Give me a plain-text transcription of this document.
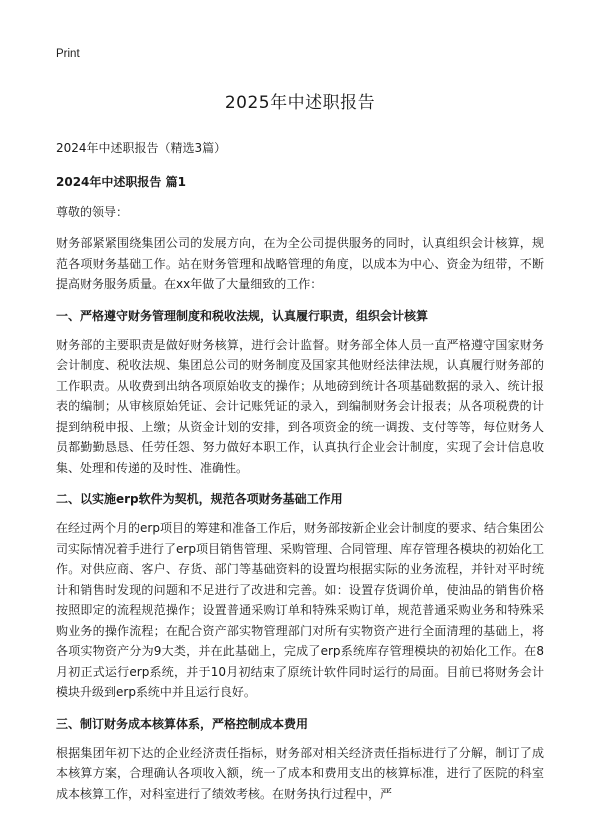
Print
2025年中述职报告
2024年中述职报告（精选3篇）
2024年中述职报告 篇1
尊敬的领导：
财务部紧紧围绕集团公司的发展方向，在为全公司提供服务的同时，认真组织会计核算，规范各项财务基础工作。站在财务管理和战略管理的角度，以成本为中心、资金为纽带，不断提高财务服务质量。在xx年做了大量细致的工作：
一、严格遵守财务管理制度和税收法规，认真履行职责，组织会计核算
财务部的主要职责是做好财务核算，进行会计监督。财务部全体人员一直严格遵守国家财务会计制度、税收法规、集团总公司的财务制度及国家其他财经法律法规，认真履行财务部的工作职责。从收费到出纳各项原始收支的操作；从地磅到统计各项基础数据的录入、统计报表的编制；从审核原始凭证、会计记账凭证的录入，到编制财务会计报表；从各项税费的计提到纳税申报、上缴；从资金计划的安排，到各项资金的统一调拨、支付等等，每位财务人员都勤勤恳恳、任劳任怨、努力做好本职工作，认真执行企业会计制度，实现了会计信息收集、处理和传递的及时性、准确性。
二、以实施erp软件为契机，规范各项财务基础工作用
在经过两个月的erp项目的筹建和准备工作后，财务部按新企业会计制度的要求、结合集团公司实际情况着手进行了erp项目销售管理、采购管理、合同管理、库存管理各模块的初始化工作。对供应商、客户、存货、部门等基础资料的设置均根据实际的业务流程，并针对平时统计和销售时发现的问题和不足进行了改进和完善。如：设置存货调价单，使油品的销售价格按照即定的流程规范操作；设置普通采购订单和特殊采购订单，规范普通采购业务和特殊采购业务的操作流程；在配合资产部实物管理部门对所有实物资产进行全面清理的基础上，将各项实物资产分为9大类，并在此基础上，完成了erp系统库存管理模块的初始化工作。在8月初正式运行erp系统，并于10月初结束了原统计软件同时运行的局面。目前已将财务会计模块升级到erp系统中并且运行良好。
三、制订财务成本核算体系，严格控制成本费用
根据集团年初下达的企业经济责任指标，财务部对相关经济责任指标进行了分解，制订了成本核算方案，合理确认各项收入额，统一了成本和费用支出的核算标准，进行了医院的科室成本核算工作，对科室进行了绩效考核。在财务执行过程中，严
